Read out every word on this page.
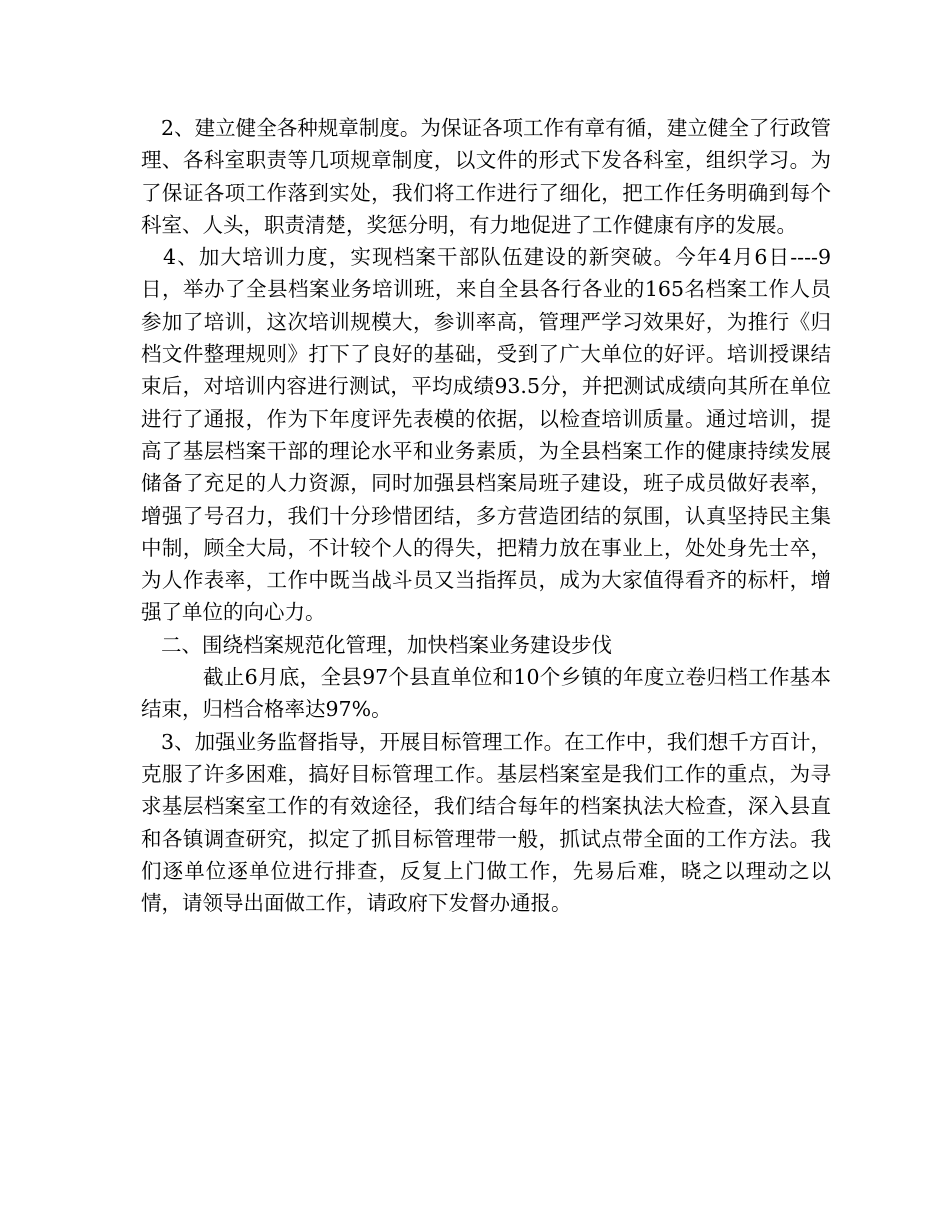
2、建立健全各种规章制度。为保证各项工作有章有循，建立健全了行政管理、各科室职责等几项规章制度，以文件的形式下发各科室，组织学习。为了保证各项工作落到实处，我们将工作进行了细化，把工作任务明确到每个科室、人头，职责清楚，奖惩分明，有力地促进了工作健康有序的发展。

4、加大培训力度，实现档案干部队伍建设的新突破。今年4月6日----9日，举办了全县档案业务培训班，来自全县各行各业的165名档案工作人员参加了培训，这次培训规模大，参训率高，管理严学习效果好，为推行《归档文件整理规则》打下了良好的基础，受到了广大单位的好评。培训授课结束后，对培训内容进行测试，平均成绩93.5分，并把测试成绩向其所在单位进行了通报，作为下年度评先表模的依据，以检查培训质量。通过培训，提高了基层档案干部的理论水平和业务素质，为全县档案工作的健康持续发展储备了充足的人力资源，同时加强县档案局班子建设，班子成员做好表率，增强了号召力，我们十分珍惜团结，多方营造团结的氛围，认真坚持民主集中制，顾全大局，不计较个人的得失，把精力放在事业上，处处身先士卒，为人作表率，工作中既当战斗员又当指挥员，成为大家值得看齐的标杆，增强了单位的向心力。

二、围绕档案规范化管理，加快档案业务建设步伐

截止6月底，全县97个县直单位和10个乡镇的年度立卷归档工作基本结束，归档合格率达97%。

3、加强业务监督指导，开展目标管理工作。在工作中，我们想千方百计，克服了许多困难，搞好目标管理工作。基层档案室是我们工作的重点，为寻求基层档案室工作的有效途径，我们结合每年的档案执法大检查，深入县直和各镇调查研究，拟定了抓目标管理带一般，抓试点带全面的工作方法。我们逐单位逐单位进行排查，反复上门做工作，先易后难，晓之以理动之以情，请领导出面做工作，请政府下发督办通报。
